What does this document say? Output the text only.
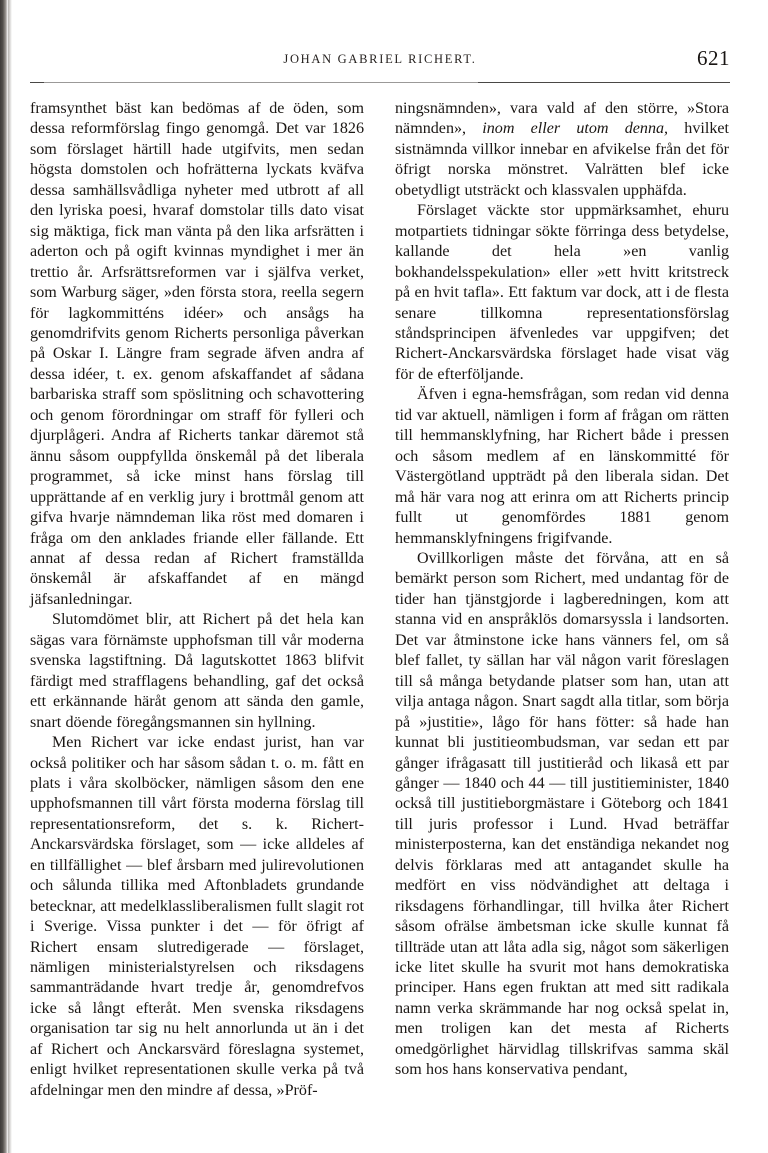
JOHAN GABRIEL RICHERT.	621

framsynthet bäst kan bedömas af de öden, som dessa reformförslag fingo genomgå. Det var 1826 som förslaget härtill hade utgifvits, men sedan högsta domstolen och hofrätterna lyckats kväfva dessa samhällsvådliga nyheter med utbrott af all den lyriska poesi, hvaraf domstolar tills dato visat sig mäktiga, fick man vänta på den lika arfsrätten i aderton och på ogift kvinnas myndighet i mer än trettio år. Arfsrättsreformen var i själfva verket, som Warburg säger, »den första stora, reella segern för lagkommitténs idéer» och ansågs ha genomdrifvits genom Richerts personliga påverkan på Oskar I. Längre fram segrade äfven andra af dessa idéer, t. ex. genom afskaffandet af sådana barbariska straff som spöslitning och schavottering och genom förordningar om straff för fylleri och djurplågeri. Andra af Richerts tankar däremot stå ännu såsom ouppfyllda önskemål på det liberala programmet, så icke minst hans förslag till upprättande af en verklig jury i brottmål genom att gifva hvarje nämndeman lika röst med domaren i fråga om den anklades friande eller fällande. Ett annat af dessa redan af Richert framställda önskemål är afskaffandet af en mängd jäfsanledningar.

Slutomdömet blir, att Richert på det hela kan sägas vara förnämste upphofsman till vår moderna svenska lagstiftning. Då lagutskottet 1863 blifvit färdigt med strafflagens behandling, gaf det också ett erkännande häråt genom att sända den gamle, snart döende föregångsmannen sin hyllning.

Men Richert var icke endast jurist, han var också politiker och har såsom sådan t. o. m. fått en plats i våra skolböcker, nämligen såsom den ene upphofsmannen till vårt första moderna förslag till representationsreform, det s. k. Richert-Anckarsvärdska förslaget, som — icke alldeles af en tillfällighet — blef årsbarn med julirevolutionen och sålunda tillika med Aftonbladets grundande betecknar, att medelklassliberalismen fullt slagit rot i Sverige. Vissa punkter i det — för öfrigt af Richert ensam slutredigerade — förslaget, nämligen ministerialstyrelsen och riksdagens sammanträdande hvart tredje år, genomdrefvos icke så långt efteråt. Men svenska riksdagens organisation tar sig nu helt annorlunda ut än i det af Richert och Anckarsvärd föreslagna systemet, enligt hvilket representationen skulle verka på två afdelningar men den mindre af dessa, »Pröf-

ningsnämnden», vara vald af den större, »Stora nämnden», inom eller utom denna, hvilket sistnämnda villkor innebar en afvikelse från det för öfrigt norska mönstret. Valrätten blef icke obetydligt utsträckt och klassvalen upphäfda.

Förslaget väckte stor uppmärksamhet, ehuru motpartiets tidningar sökte förringa dess betydelse, kallande det hela »en vanlig bokhandelsspekulation» eller »ett hvitt kritstreck på en hvit tafla». Ett faktum var dock, att i de flesta senare tillkomna representationsförslag ståndsprincipen äfvenledes var uppgifven; det Richert-Anckarsvärdska förslaget hade visat väg för de efterföljande.

Äfven i egna-hemsfrågan, som redan vid denna tid var aktuell, nämligen i form af frågan om rätten till hemmansklyfning, har Richert både i pressen och såsom medlem af en länskommitté för Västergötland uppträdt på den liberala sidan. Det må här vara nog att erinra om att Richerts princip fullt ut genomfördes 1881 genom hemmansklyfningens frigifvande.

Ovillkorligen måste det förvåna, att en så bemärkt person som Richert, med undantag för de tider han tjänstgjorde i lagberedningen, kom att stanna vid en anspråklös domarsyssla i landsorten. Det var åtminstone icke hans vänners fel, om så blef fallet, ty sällan har väl någon varit föreslagen till så många betydande platser som han, utan att vilja antaga någon. Snart sagdt alla titlar, som börja på »justitie», lågo för hans fötter: så hade han kunnat bli justitieombudsman, var sedan ett par gånger ifrågasatt till justitieråd och likaså ett par gånger — 1840 och 44 — till justitieminister, 1840 också till justitieborgmästare i Göteborg och 1841 till juris professor i Lund. Hvad beträffar ministerposterna, kan det enständiga nekandet nog delvis förklaras med att antagandet skulle ha medfört en viss nödvändighet att deltaga i riksdagens förhandlingar, till hvilka åter Richert såsom ofrälse ämbetsman icke skulle kunnat få tillträde utan att låta adla sig, något som säkerligen icke litet skulle ha svurit mot hans demokratiska principer. Hans egen fruktan att med sitt radikala namn verka skrämmande har nog också spelat in, men troligen kan det mesta af Richerts omedgörlighet härvidlag tillskrifvas samma skäl som hos hans konservativa pendant,
